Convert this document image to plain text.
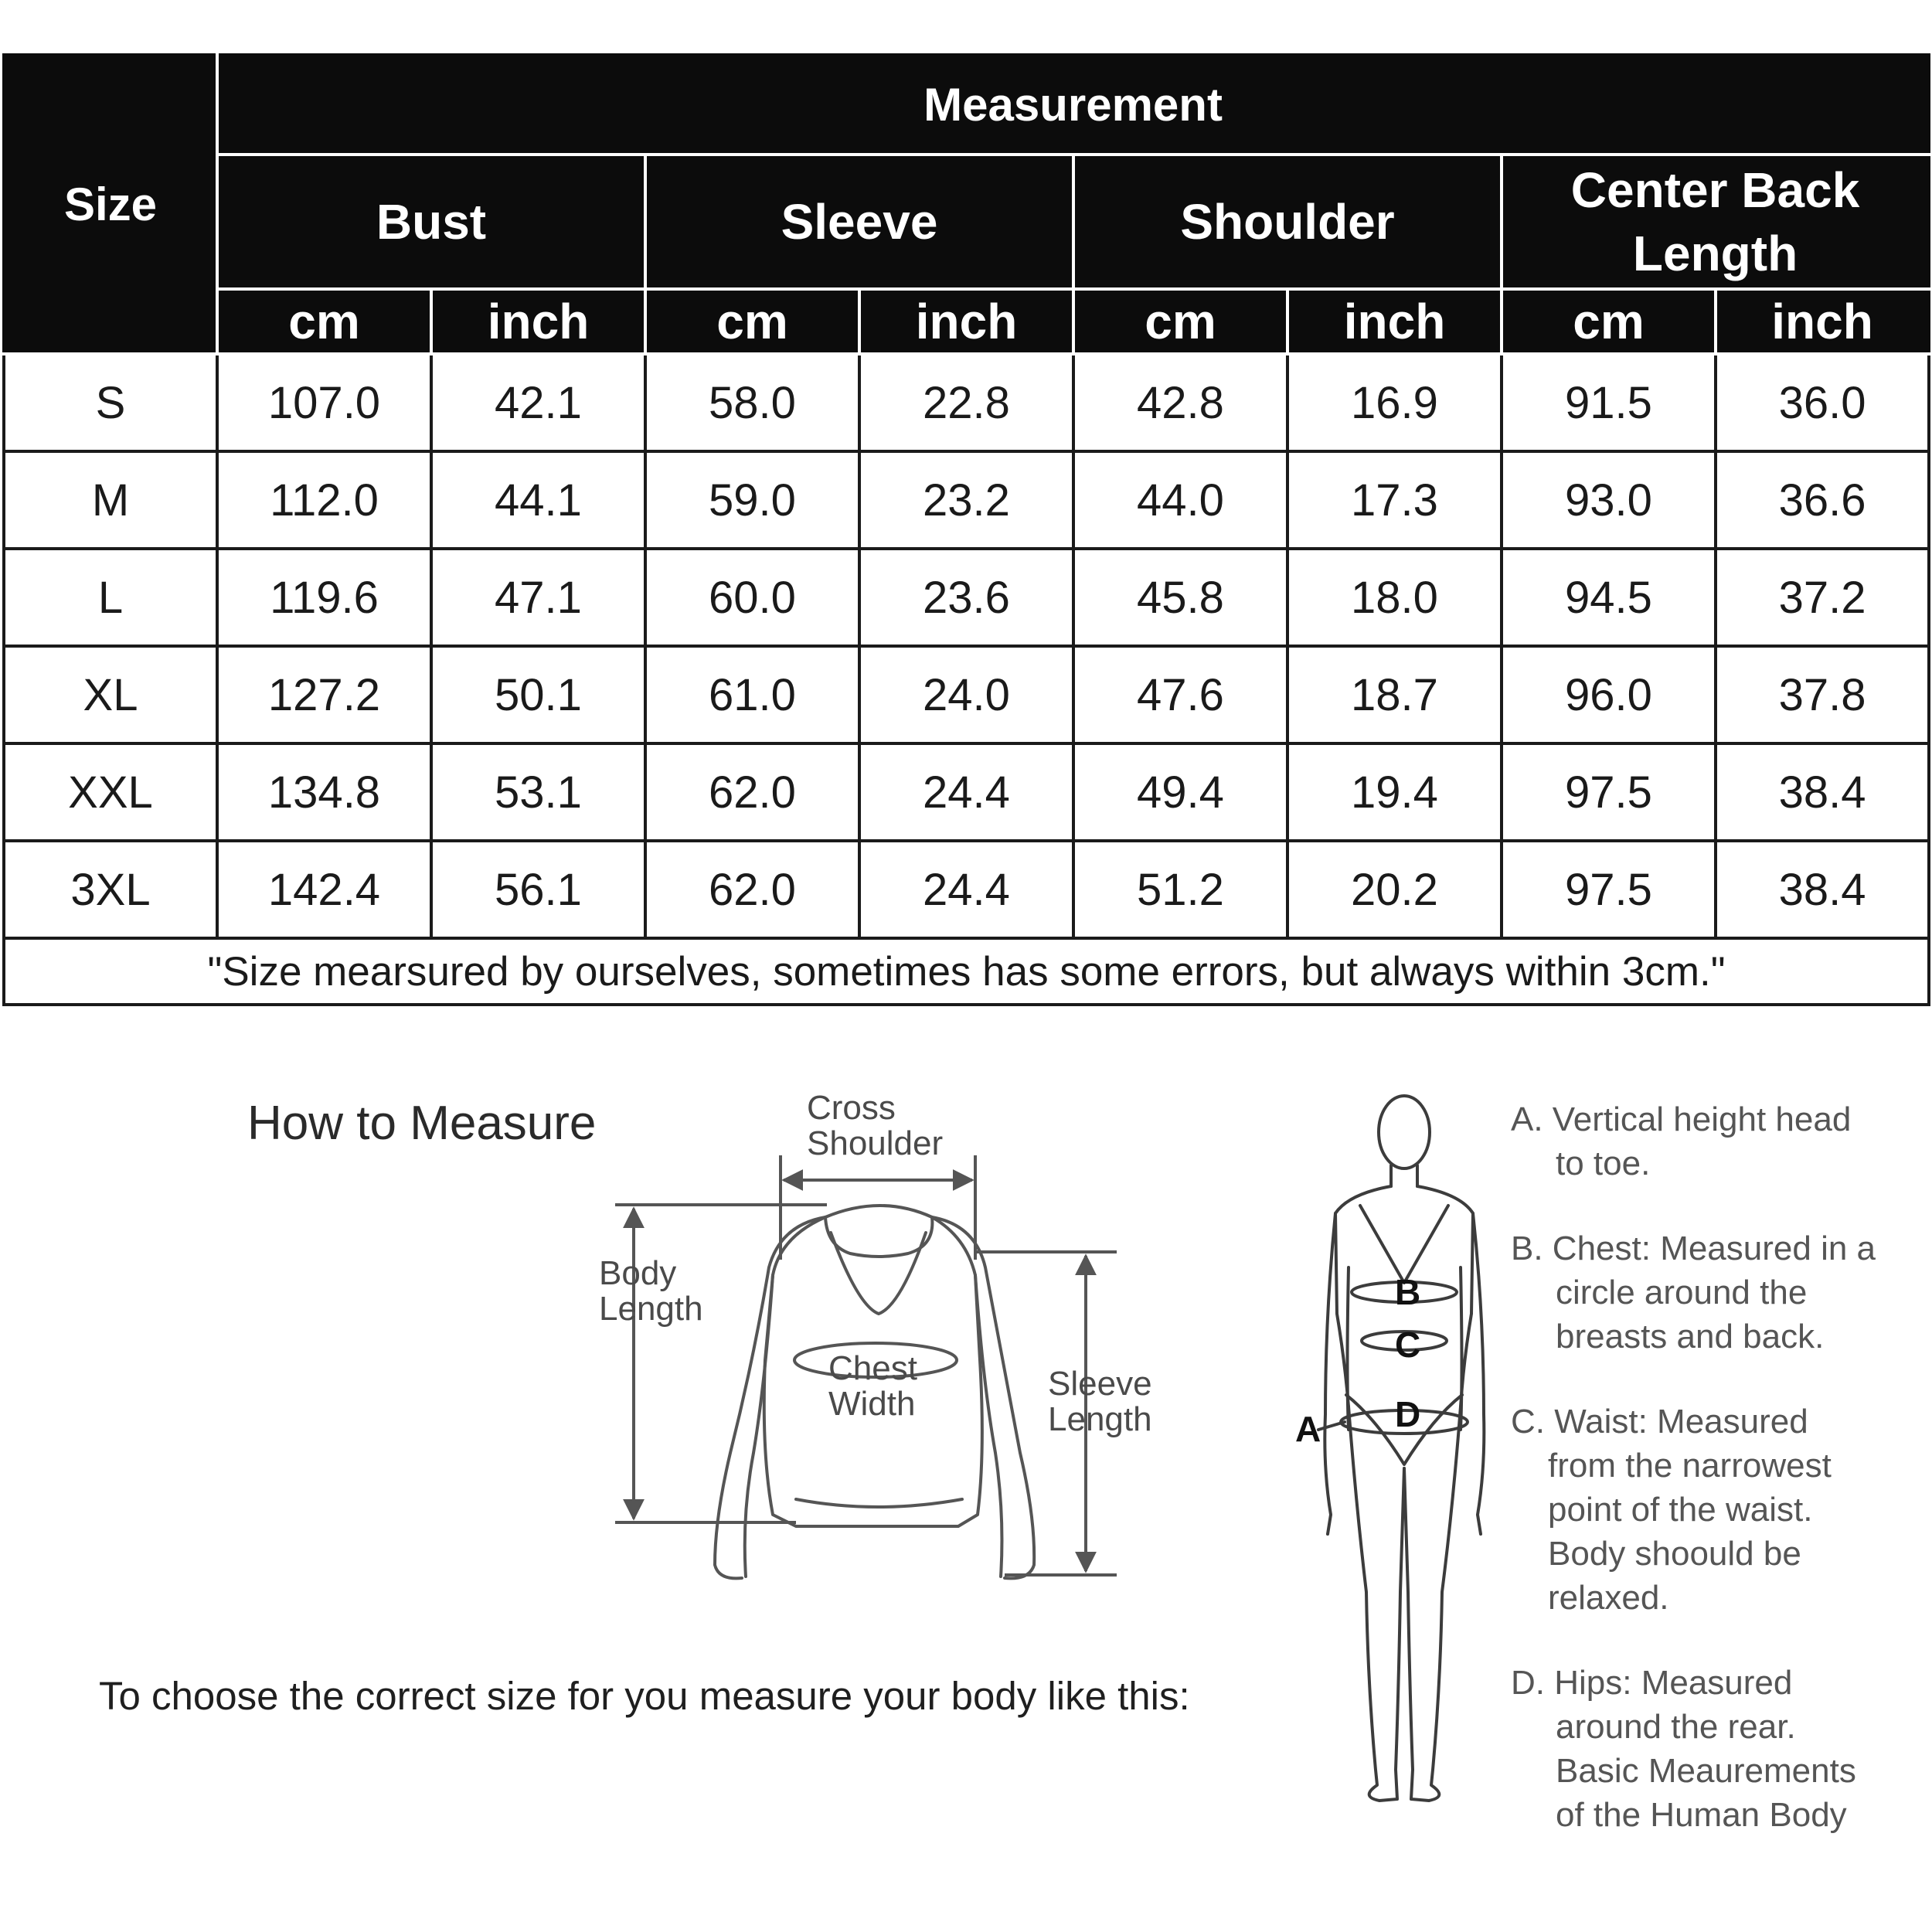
Size	Measurement							
	Bust		Sleeve		Shoulder		Center Back Length	
	cm	inch	cm	inch	cm	inch	cm	inch
S	107.0	42.1	58.0	22.8	42.8	16.9	91.5	36.0
M	112.0	44.1	59.0	23.2	44.0	17.3	93.0	36.6
L	119.6	47.1	60.0	23.6	45.8	18.0	94.5	37.2
XL	127.2	50.1	61.0	24.0	47.6	18.7	96.0	37.8
XXL	134.8	53.1	62.0	24.4	49.4	19.4	97.5	38.4
3XL	142.4	56.1	62.0	24.4	51.2	20.2	97.5	38.4
"Size mearsured by ourselves, sometimes has some errors, but always within 3cm."								
How to Measure
To choose the correct size for you measure your body like this:
Cross
Shoulder
Body
Length
Chest
Width
Sleeve
Length	A
B
C
D
A. Vertical height head
to toe.
B. Chest: Measured in a
circle around the
breasts and back.
C. Waist: Measured
from the narrowest
point of the waist.
Body shoould be
relaxed.
D. Hips: Measured
around the rear.
Basic Meaurements
of the Human Body
